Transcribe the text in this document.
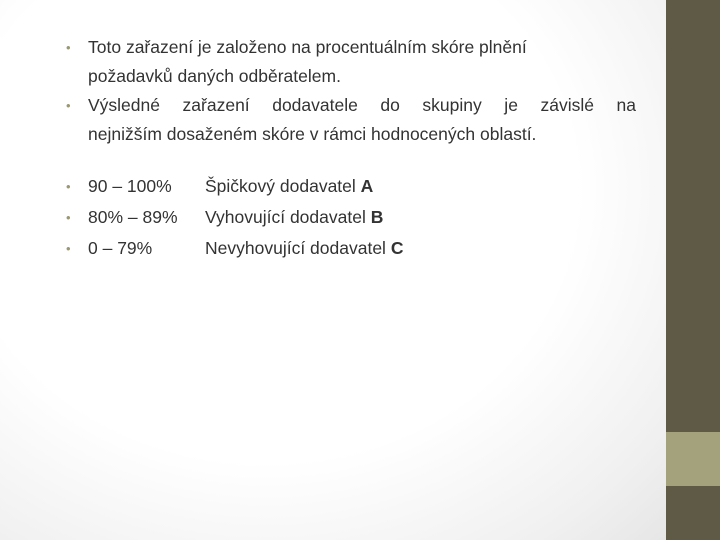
• Toto zařazení je založeno na procentuálním skóre plnění
požadavků daných odběratelem.
• Výsledné zařazení dodavatele do skupiny je závislé na
nejnižším dosaženém skóre v rámci hodnocených oblastí.
• 90 – 100% Špičkový dodavatel A
• 80% – 89% Vyhovující dodavatel B
• 0 – 79%	Nevyhovující dodavatel C
